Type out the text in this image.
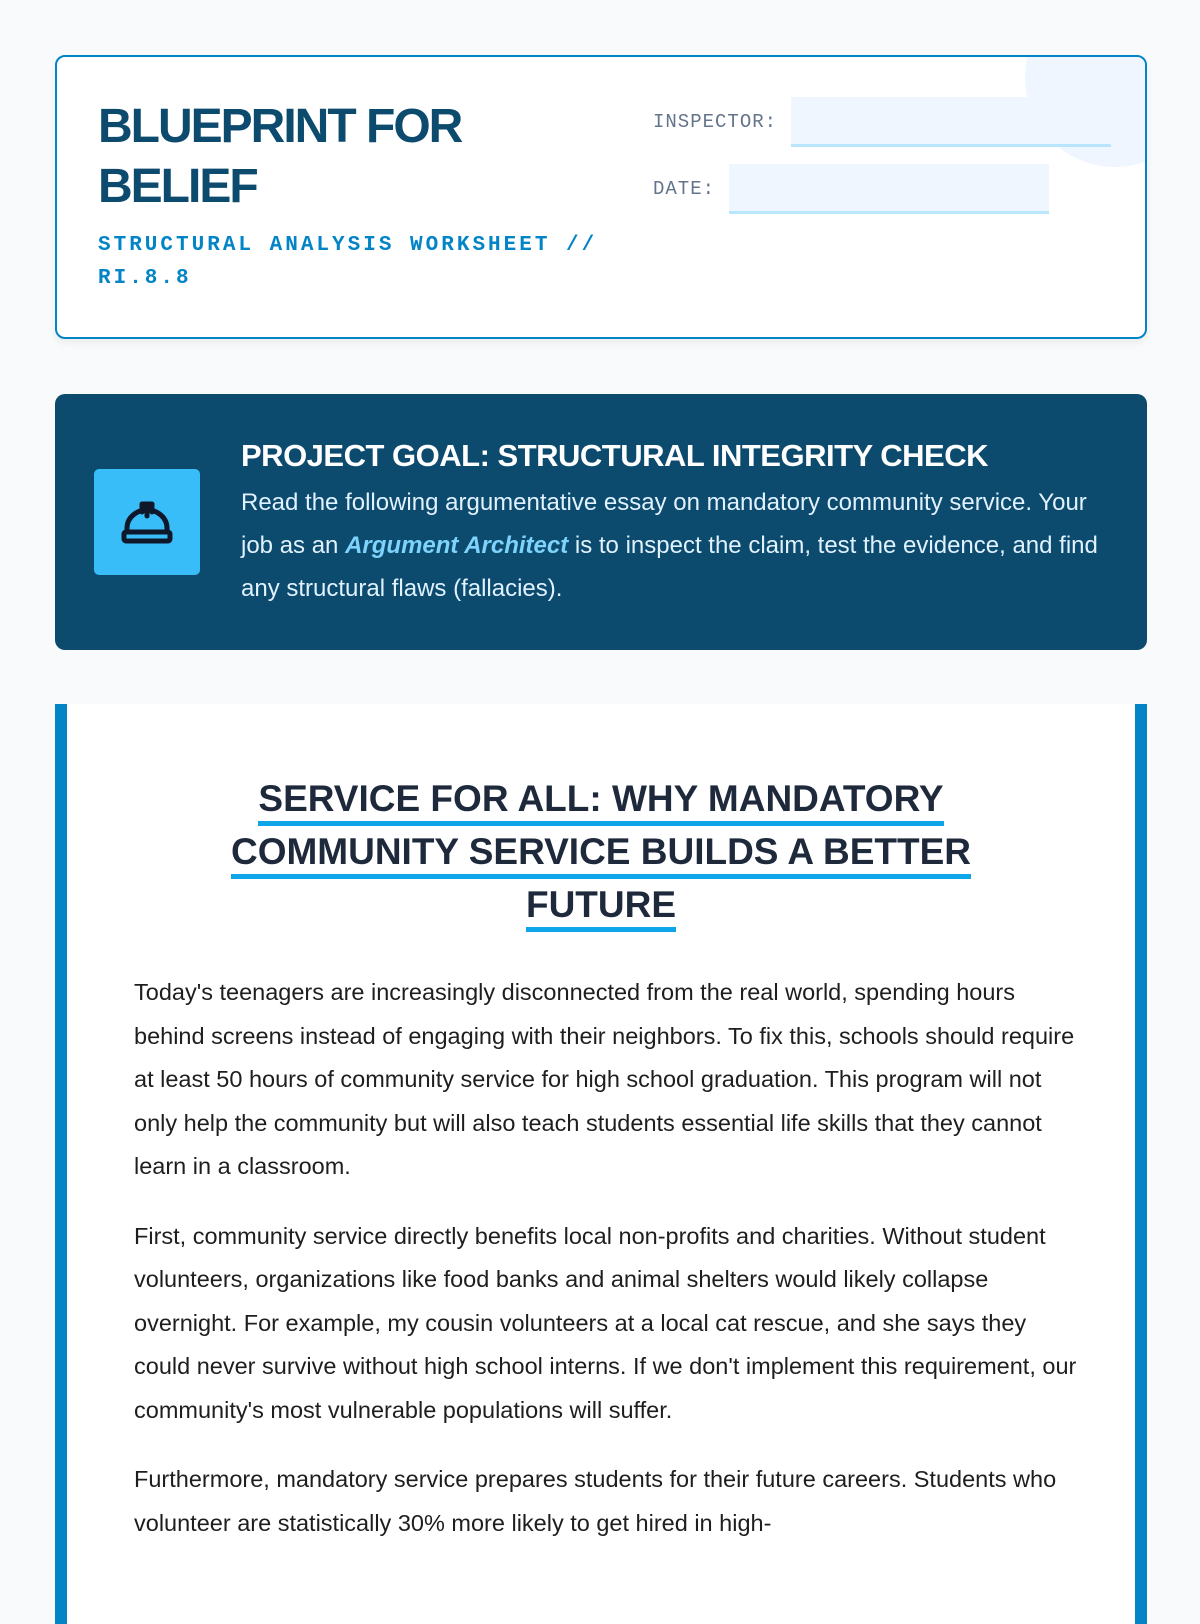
BLUEPRINT FOR BELIEF
STRUCTURAL ANALYSIS WORKSHEET // RI.8.8
INSPECTOR:
DATE:
PROJECT GOAL: STRUCTURAL INTEGRITY CHECK

Read the following argumentative essay on mandatory community service. Your job as an Argument Architect is to inspect the claim, test the evidence, and find any structural flaws (fallacies).

SERVICE FOR ALL: WHY MANDATORY
COMMUNITY SERVICE BUILDS A BETTER
FUTURE

Today's teenagers are increasingly disconnected from the real world, spending hours behind screens instead of engaging with their neighbors. To fix this, schools should require at least 50 hours of community service for high school graduation. This program will not only help the community but will also teach students essential life skills that they cannot learn in a classroom.

First, community service directly benefits local non-profits and charities. Without student volunteers, organizations like food banks and animal shelters would likely collapse overnight. For example, my cousin volunteers at a local cat rescue, and she says they could never survive without high school interns. If we don't implement this requirement, our community's most vulnerable populations will suffer.

Furthermore, mandatory service prepares students for their future careers. Students who volunteer are statistically 30% more likely to get hired in high-
